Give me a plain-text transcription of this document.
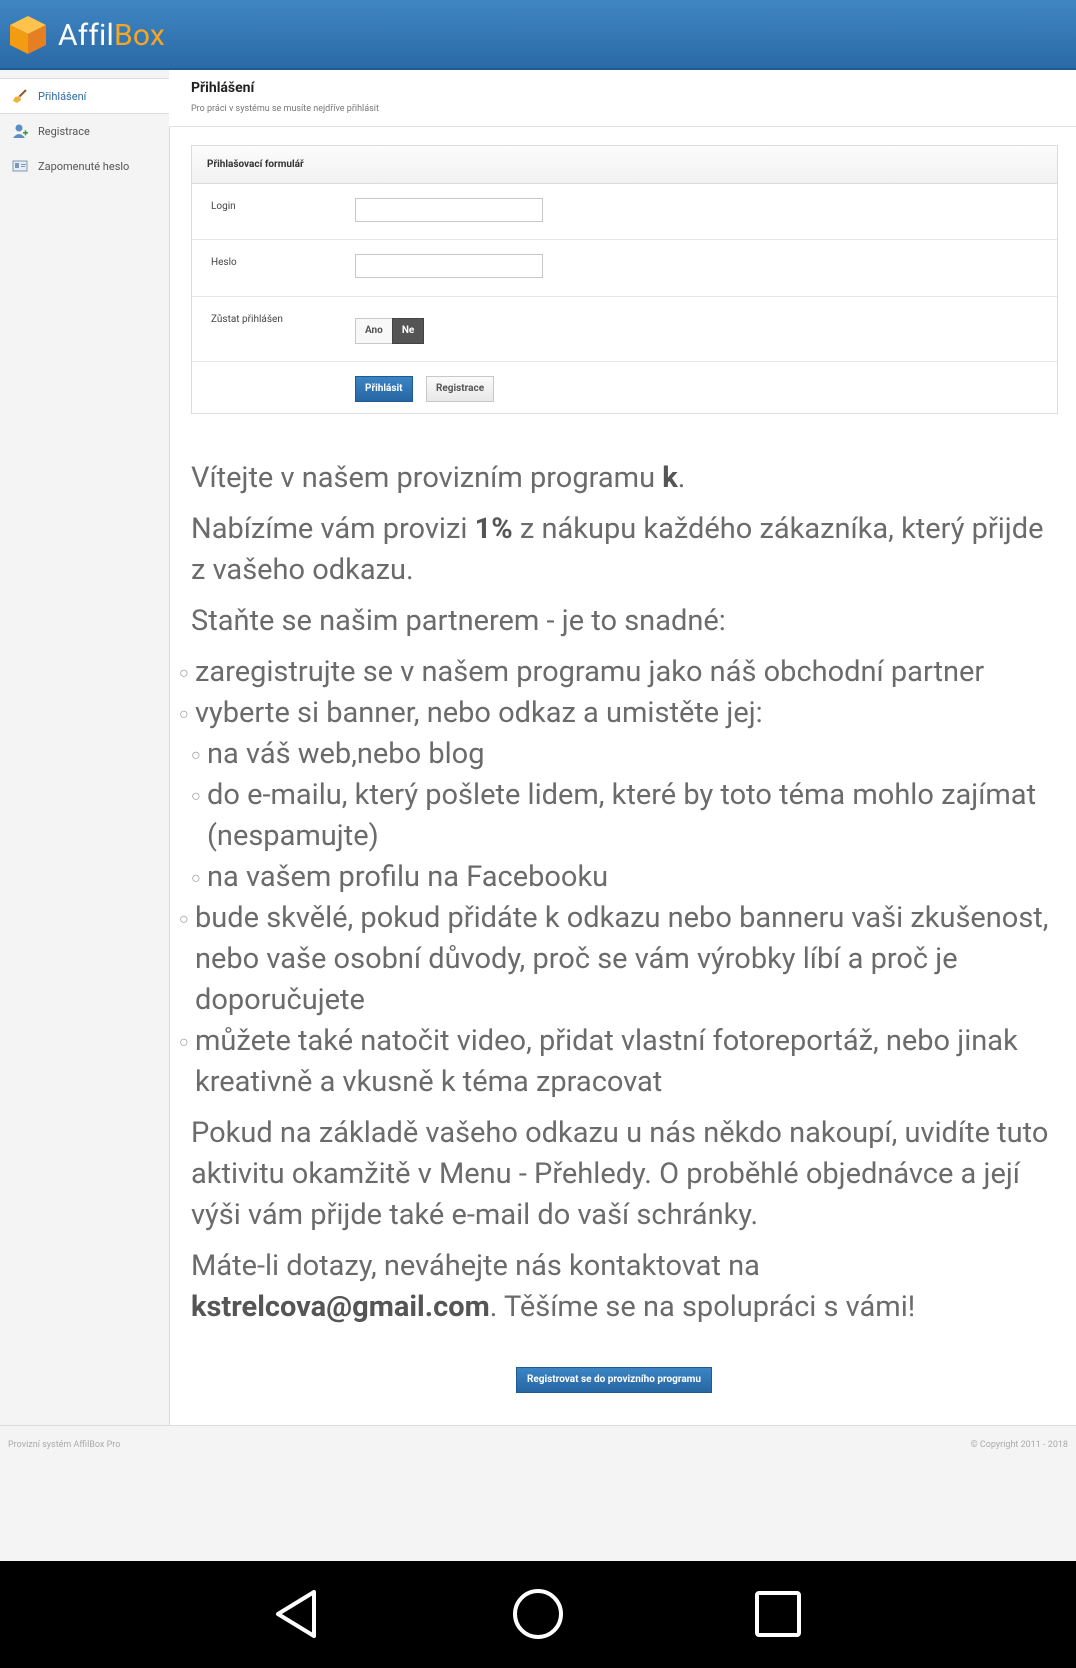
AffilBox
Přihlášení
Registrace
Zapomenuté heslo
Přihlášení
Pro práci v systému se musíte nejdříve přihlásit
Přihlašovací formulář
Login
Heslo
Zůstat přihlášen
Ano	Ne
Přihlásit	Registrace

Vítejte v našem provizním programu k.

Nabízíme vám provizi 1% z nákupu každého zákazníka, který přijde z vašeho odkazu.

Staňte se našim partnerem - je to snadné:

○ zaregistrujte se v našem programu jako náš obchodní partner
○ vyberte si banner, nebo odkaz a umistěte jej:
○ na váš web,nebo blog
○ do e-mailu, který pošlete lidem, které by toto téma mohlo zajímat (nespamujte)
○ na vašem profilu na Facebooku
○ bude skvělé, pokud přidáte k odkazu nebo banneru vaši zkušenost, nebo vaše osobní důvody, proč se vám výrobky líbí a proč je doporučujete
○ můžete také natočit video, přidat vlastní fotoreportáž, nebo jinak kreativně a vkusně k téma zpracovat

Pokud na základě vašeho odkazu u nás někdo nakoupí, uvidíte tuto aktivitu okamžitě v Menu - Přehledy. O proběhlé objednávce a její výši vám přijde také e-mail do vaší schránky.

Máte-li dotazy, neváhejte nás kontaktovat na kstrelcova@gmail.com. Těšíme se na spolupráci s vámi!

Registrovat se do provizního programu
Provizní systém AffilBox Pro	© Copyright 2011 - 2018
